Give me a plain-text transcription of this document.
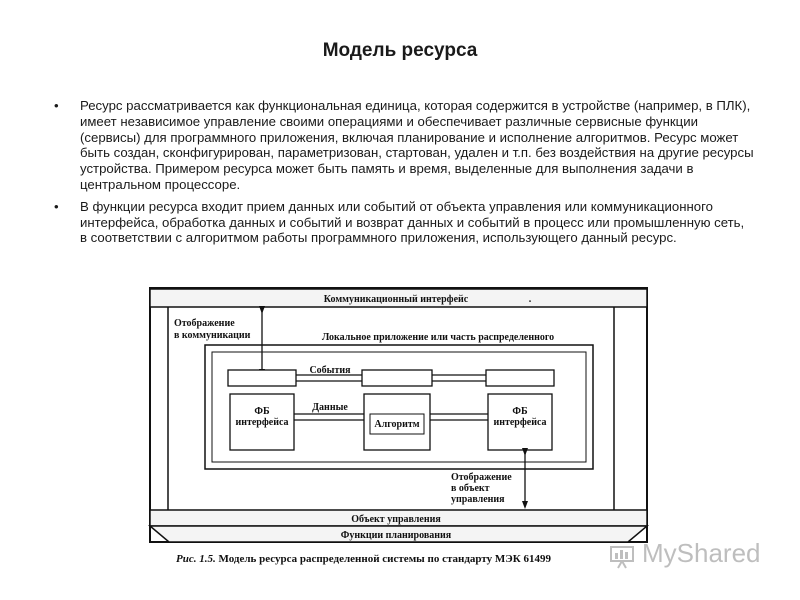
Модель ресурса
• Ресурс рассматривается как функциональная единица, которая содержится в устройстве (например, в ПЛК), имеет независимое управление своими операциями и обеспечивает различные сервисные функции (сервисы) для программного приложения, включая планирование и исполнение алгоритмов. Ресурс может быть создан, сконфигурирован, параметризован, стартован, удален и т.п. без воздействия на другие ресурсы устройства. Примером ресурса может быть память и время, выделенные для выполнения задачи в центральном процессоре.
• В функции ресурса входит прием данных или событий от объекта управления или коммуникационного интерфейса, обработка данных и событий и возврат данных и событий в процесс или промышленную сеть, в соответствии с алгоритмом работы программного приложения, использующего данный ресурс.
Коммуникационный интерфейс	.
Отображение
в коммуникации	Локальное приложение или часть распределенного
ФБ
интерфейса	Алгоритм
ФБ
интерфейса
События
Данные
Отображение
в объект
управления
Объект управления
Функции планирования
Рис. 1.5. Модель ресурса распределенной системы по стандарту МЭК 61499	MyShared
